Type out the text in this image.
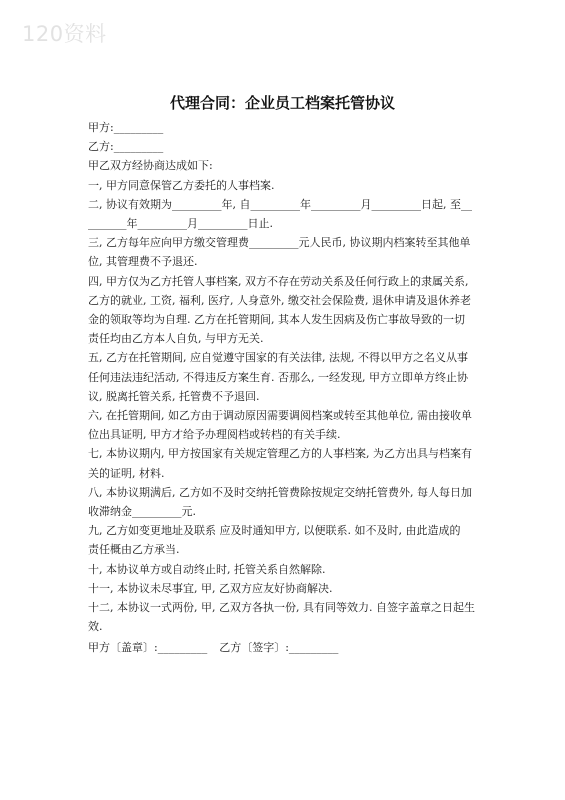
120资料
代理合同：企业员工档案托管协议
甲方:_________
乙方:_________
甲乙双方经协商达成如下:
一, 甲方同意保管乙方委托的人事档案.
二, 协议有效期为_________年, 自_________年_________月_________日起, 至__
_______年_________月_________日止.
三, 乙方每年应向甲方缴交管理费_________元人民币, 协议期内档案转至其他单
位, 其管理费不予退还.
四, 甲方仅为乙方托管人事档案, 双方不存在劳动关系及任何行政上的隶属关系,
乙方的就业, 工资, 福利, 医疗, 人身意外, 缴交社会保险费, 退休申请及退休养老
金的领取等均为自理. 乙方在托管期间, 其本人发生因病及伤亡事故导致的一切
责任均由乙方本人自负, 与甲方无关.
五, 乙方在托管期间, 应自觉遵守国家的有关法律, 法规, 不得以甲方之名义从事
任何违法违纪活动, 不得违反方案生育. 否那么, 一经发现, 甲方立即单方终止协
议, 脱离托管关系, 托管费不予退回.
六, 在托管期间, 如乙方由于调动原因需要调阅档案或转至其他单位, 需由接收单
位出具证明, 甲方才给予办理阅档或转档的有关手续.
七, 本协议期内, 甲方按国家有关规定管理乙方的人事档案, 为乙方出具与档案有
关的证明, 材料.
八, 本协议期满后, 乙方如不及时交纳托管费除按规定交纳托管费外, 每人每日加
收滞纳金_________元.
九, 乙方如变更地址及联系 应及时通知甲方, 以便联系. 如不及时, 由此造成的
责任概由乙方承当.
十, 本协议单方或自动终止时, 托管关系自然解除.
十一, 本协议未尽事宜, 甲, 乙双方应友好协商解决.
十二, 本协议一式两份, 甲, 乙双方各执一份, 具有同等效力. 自签字盖章之日起生
效.
甲方〔盖章〕:_________ 乙方〔签字〕:_________
